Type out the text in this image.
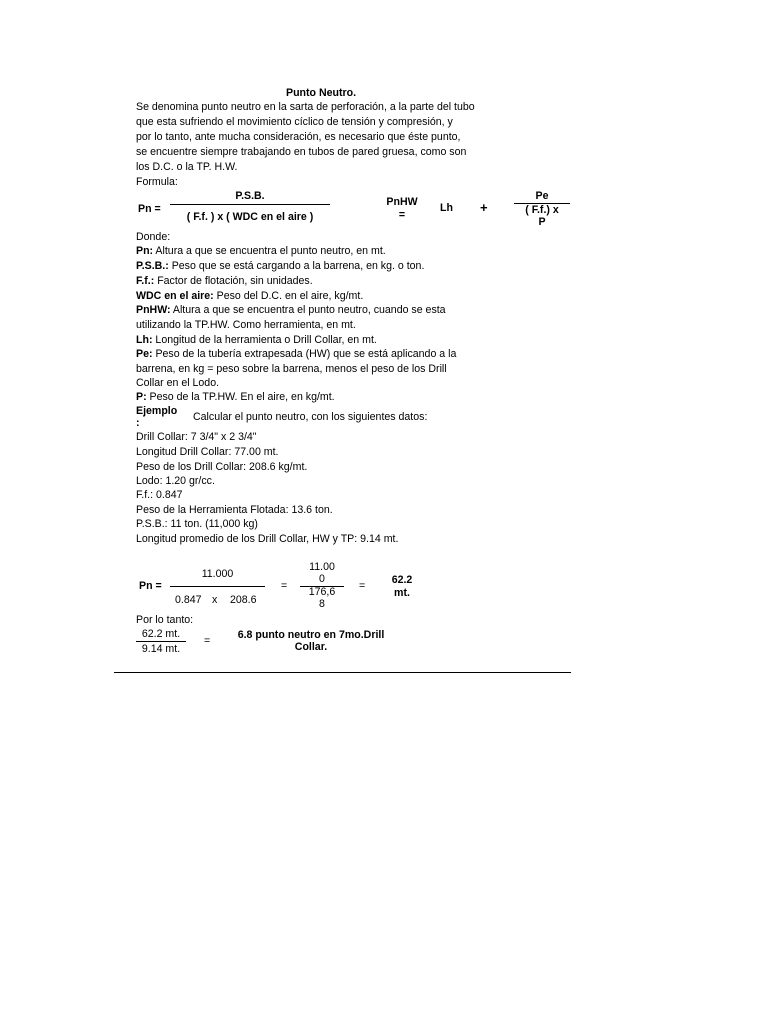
Punto Neutro.
Se denomina punto neutro en la sarta de perforación, a la parte del tubo
que esta sufriendo el movimiento cíclico de tensión y compresión, y
por lo tanto, ante mucha consideración, es necesario que éste punto,
se encuentre siempre trabajando en tubos de pared gruesa, como son
los D.C. o la TP. H.W.
Formula:
Pn =
P.S.B.
( F.f. ) x ( WDC en el aire )
PnHW
=
Lh +
Pe
( F.f.) x
P
Donde:
Pn: Altura a que se encuentra el punto neutro, en mt.
P.S.B.: Peso que se está cargando a la barrena, en kg. o ton.
F.f.: Factor de flotación, sin unidades.
WDC en el aire: Peso del D.C. en el aire, kg/mt.
PnHW: Altura a que se encuentra el punto neutro, cuando se esta
utilizando la TP.HW. Como herramienta, en mt.
Lh: Longitud de la herramienta o Drill Collar, en mt.
Pe: Peso de la tubería extrapesada (HW) que se está aplicando a la
barrena, en kg = peso sobre la barrena, menos el peso de los Drill
Collar en el Lodo.
P: Peso de la TP.HW. En el aire, en kg/mt.
Ejemplo
:	Calcular el punto neutro, con los siguientes datos:
Drill Collar: 7 3/4" x 2 3/4"
Longitud Drill Collar: 77.00 mt.
Peso de los Drill Collar: 208.6 kg/mt.
Lodo: 1.20 gr/cc.
F.f.: 0.847
Peso de la Herramienta Flotada: 13.6 ton.
P.S.B.: 11 ton. (11,000 kg)
Longitud promedio de los Drill Collar, HW y TP: 9.14 mt.
Pn =
11.000
0.847 x 208.6
=
11.00
0
176,6
8
=	62.2
mt.
Por lo tanto:
62.2 mt.
9.14 mt.
=	6.8 punto neutro en 7mo.Drill
Collar.
